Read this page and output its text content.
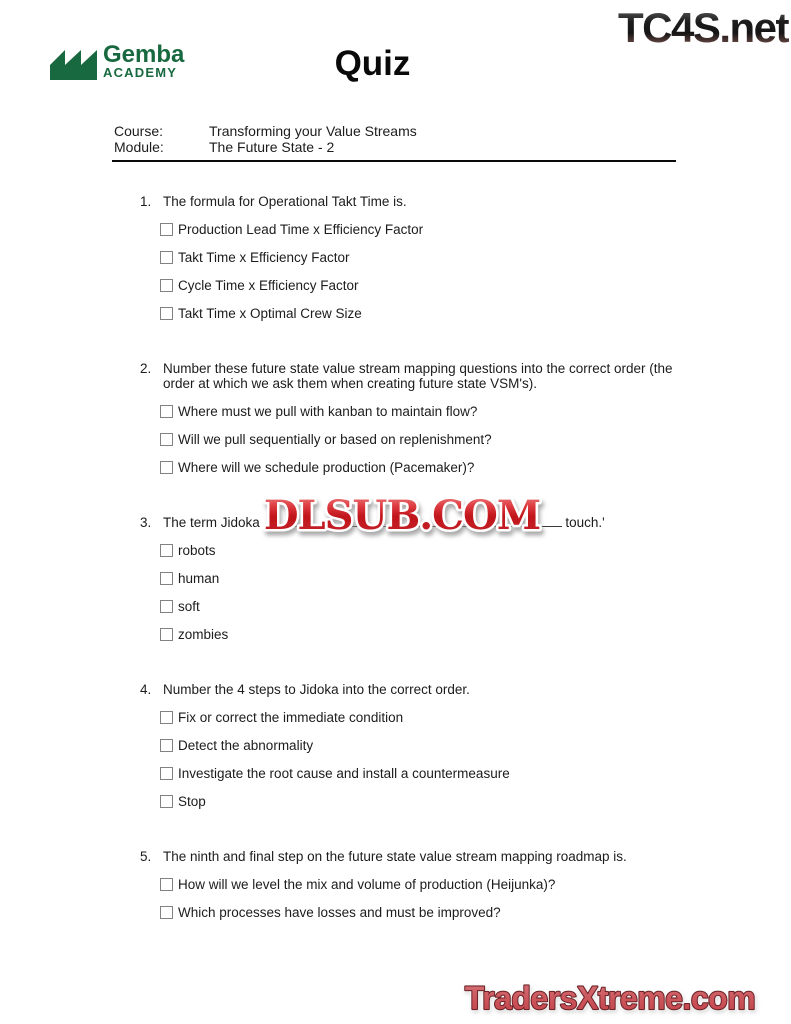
TC4S.net
Gemba
ACADEMY	Quiz
Course:	Transforming your Value Streams
Module:	The Future State - 2
1. The formula for Operational Takt Time is.
Production Lead Time x Efficiency Factor
Takt Time x Efficiency Factor
Cycle Time x Efficiency Factor
Takt Time x Optimal Crew Size
2. Number these future state value stream mapping questions into the correct order (the order at which we ask them when creating future state VSM's).
Where must we pull with kanban to maintain flow?
Will we pull sequentially or based on replenishment?
Where will we schedule production (Pacemaker)?
3. The term Jidoka	touch.'
robots
human
soft
zombies
4. Number the 4 steps to Jidoka into the correct order.
Fix or correct the immediate condition
Detect the abnormality
Investigate the root cause and install a countermeasure
Stop
5. The ninth and final step on the future state value stream mapping roadmap is.
How will we level the mix and volume of production (Heijunka)?
Which processes have losses and must be improved?
DLSUB.COM
TradersXtreme.com
